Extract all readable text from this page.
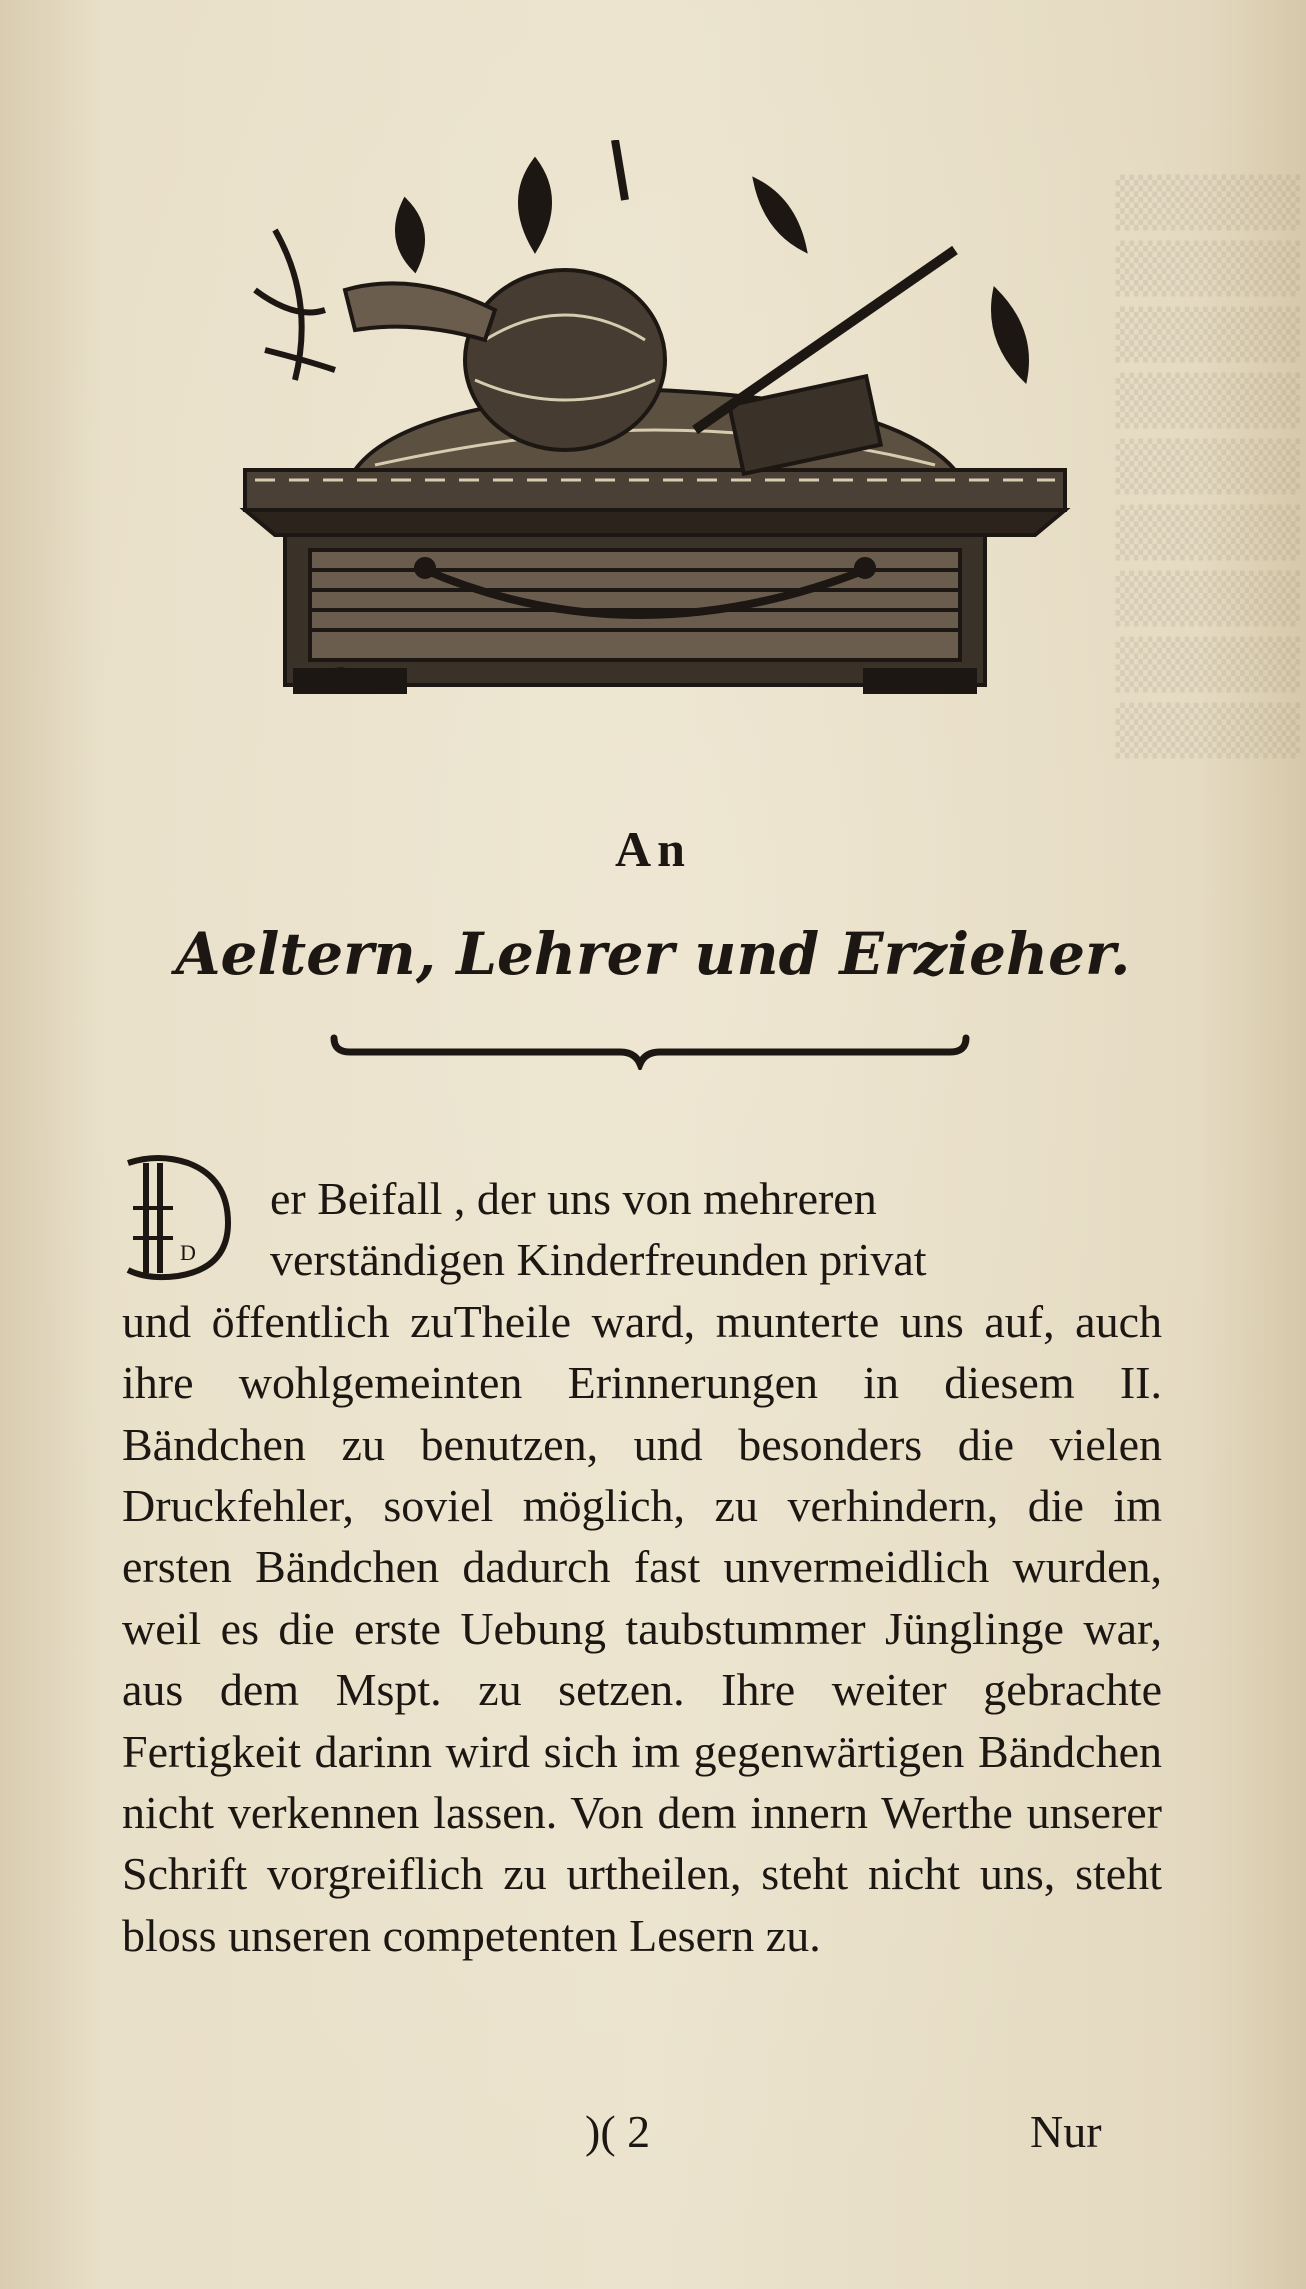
▒▒▒▒▒
▒▒▒▒▒
▒▒▒▒▒
▒▒▒▒▒
▒▒▒▒▒
▒▒▒▒▒
▒▒▒▒▒
▒▒▒▒▒
▒▒▒▒▒
Gn.
An
Aeltern, Lehrer und Erzieher.
D

er Beifall , der uns von mehreren
verständigen Kinderfreunden privat
und öffentlich zuTheile ward, munterte uns auf, auch ihre wohlgemeinten Erinnerungen in diesem II. Bändchen zu benutzen, und besonders die vielen Druckfehler, soviel möglich, zu verhindern, die im ersten Bändchen dadurch fast unvermeidlich wurden, weil es die erste Uebung taubstummer Jünglinge war, aus dem Mspt. zu setzen. Ihre weiter gebrachte Fertigkeit darinn wird sich im gegenwärtigen Bändchen nicht verkennen lassen. Von dem innern Werthe unserer Schrift vorgreiflich zu urtheilen, steht nicht uns, steht bloss unseren competenten Lesern zu.

)( 2	Nur
